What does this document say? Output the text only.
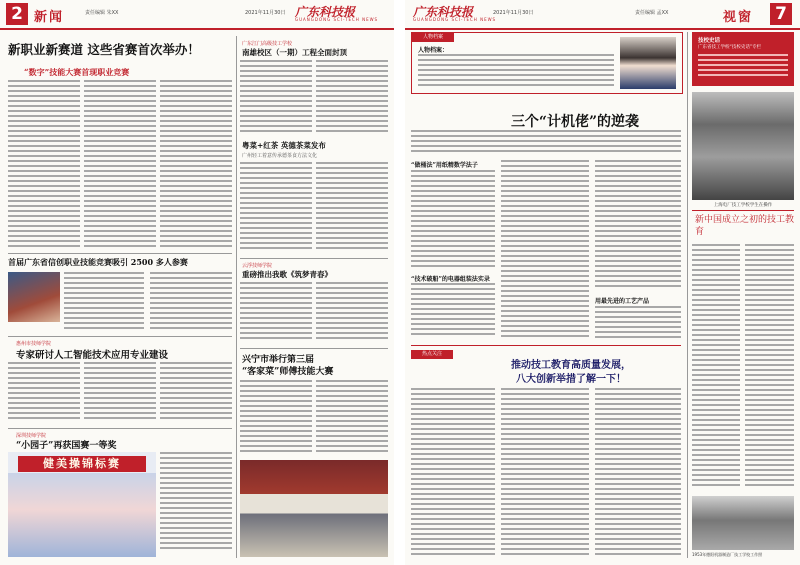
2 新闻	责任编辑 朱XX	2021年11月30日 广东科技报
GUANGDONG SCI-TECH NEWS
新职业新赛道 这些省赛首次举办！
“数字”技能大赛首现职业竞赛
首届广东省信创职业技能竞赛吸引 2500 多人参赛
惠州市技师学院
专家研讨人工智能技术应用专业建设
深圳技师学院
“小园子”再获国赛一等奖
健美操锦标赛
广东江门高级技工学校
南雄校区（一期）工程全面封顶
粤菜+红茶 英德茶菜发布
广州轻工着意传承德茶食方法文化
云浮技师学院
重磅推出我歌《筑梦青春》
兴宁市举行第三届
“客家菜”师傅技能大赛
广东科技报
GUANGDONG SCI-TECH NEWS
2021年11月30日	责任编辑 孟XX	视窗 7
人物档案
人物档案：
三个“计机佬”的逆袭
“做桶法”用纸精数学法子
“技术破船”的电器组装法实录
用最先进的工艺产品
热点关注
推动技工教育高质量发展，
八大创新举措了解一下！
技校史话
广东省技工学校“技校史话”专栏
上海电厂技工学校学生在操作
新中国成立之初的技工教育
1953年德阳机器制造厂技工学校工作照
